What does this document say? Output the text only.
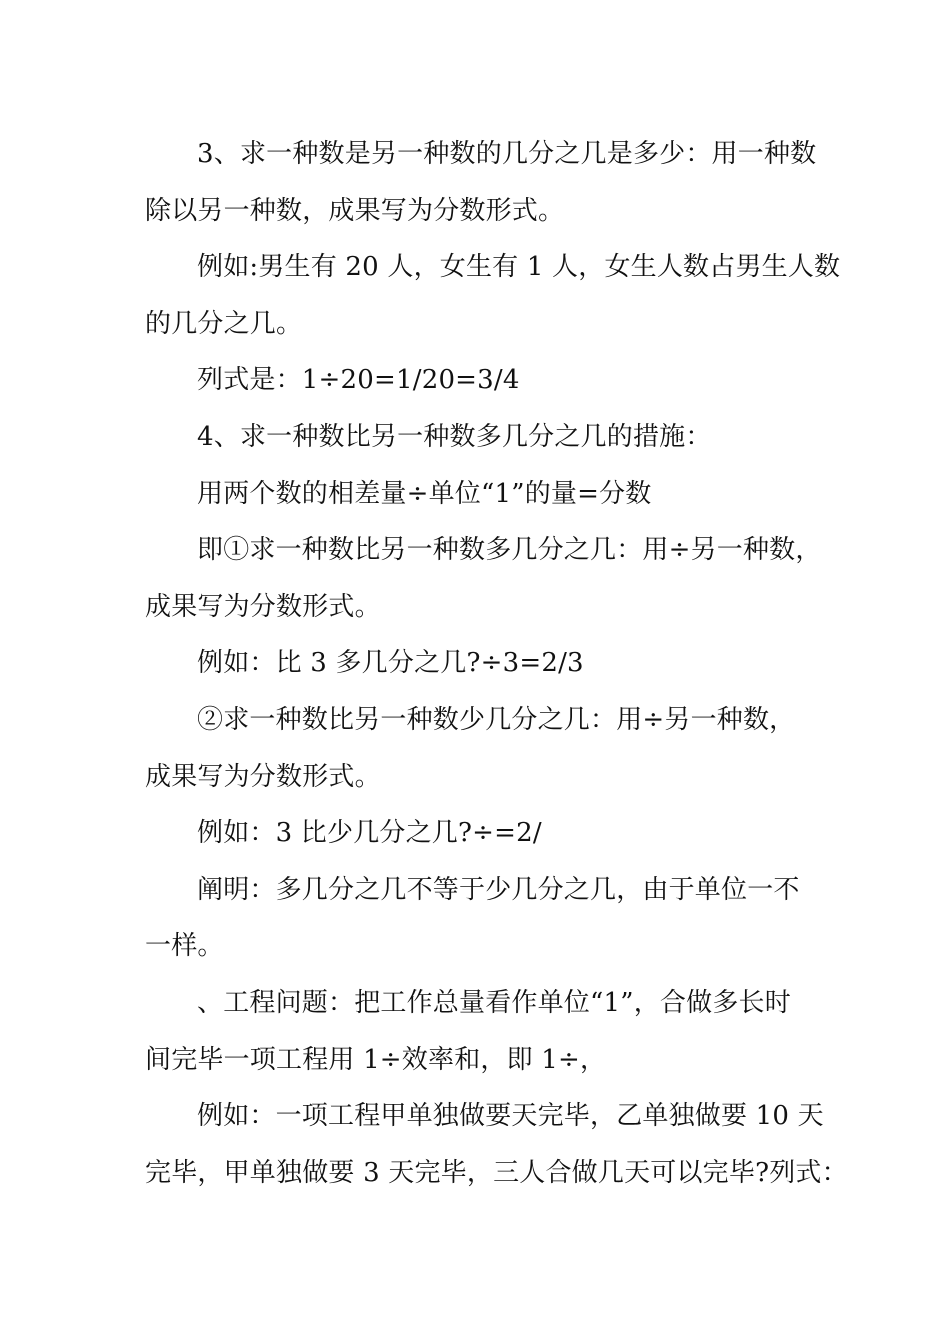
3、求一种数是另一种数的几分之几是多少：用一种数
除以另一种数，成果写为分数形式。
例如:男生有 20 人，女生有 1 人，女生人数占男生人数
的几分之几。
列式是：1÷20=1/20=3/4
4、求一种数比另一种数多几分之几的措施：
用两个数的相差量÷单位“1”的量=分数
即①求一种数比另一种数多几分之几：用÷另一种数，
成果写为分数形式。
例如：比 3 多几分之几?÷3=2/3
②求一种数比另一种数少几分之几：用÷另一种数，
成果写为分数形式。
例如：3 比少几分之几?÷=2/
阐明：多几分之几不等于少几分之几，由于单位一不
一样。
、工程问题：把工作总量看作单位“1”，合做多长时
间完毕一项工程用 1÷效率和，即 1÷，
例如：一项工程甲单独做要天完毕，乙单独做要 10 天
完毕，甲单独做要 3 天完毕，三人合做几天可以完毕?列式：
